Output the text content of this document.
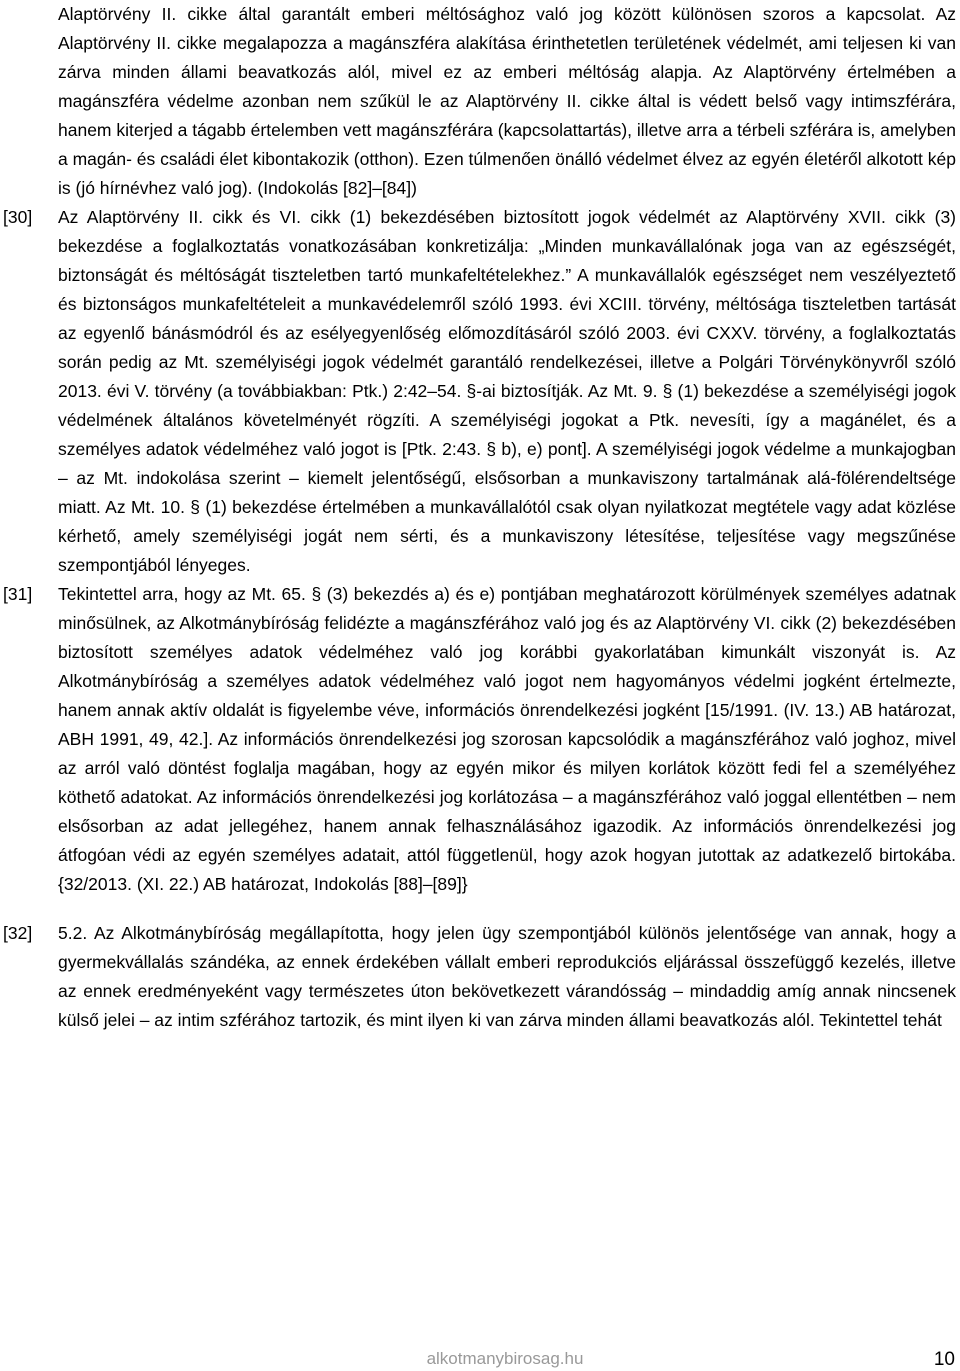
Alaptörvény II. cikke által garantált emberi méltósághoz való jog között különösen szoros a kapcsolat. Az Alaptörvény II. cikke megalapozza a magánszféra alakítása érinthetetlen területének védelmét, ami teljesen ki van zárva minden állami beavatkozás alól, mivel ez az emberi méltóság alapja. Az Alaptörvény értelmében a magánszféra védelme azonban nem szűkül le az Alaptörvény II. cikke által is védett belső vagy intimszférára, hanem kiterjed a tágabb értelemben vett magánszférára (kapcsolattartás), illetve arra a térbeli szférára is, amelyben a magán- és családi élet kibontakozik (otthon). Ezen túlmenően önálló védelmet élvez az egyén életéről alkotott kép is (jó hírnévhez való jog). (Indokolás [82]–[84])
[30] Az Alaptörvény II. cikk és VI. cikk (1) bekezdésében biztosított jogok védelmét az Alaptörvény XVII. cikk (3) bekezdése a foglalkoztatás vonatkozásában konkretizálja: „Minden munkavállalónak joga van az egészségét, biztonságát és méltóságát tiszteletben tartó munkafeltételekhez.” A munkavállalók egészséget nem veszélyeztető és biztonságos munkafeltételeit a munkavédelemről szóló 1993. évi XCIII. törvény, méltósága tiszteletben tartását az egyenlő bánásmódról és az esélyegyenlőség előmozdításáról szóló 2003. évi CXXV. törvény, a foglalkoztatás során pedig az Mt. személyiségi jogok védelmét garantáló rendelkezései, illetve a Polgári Törvénykönyvről szóló 2013. évi V. törvény (a továbbiakban: Ptk.) 2:42–54. §-ai biztosítják. Az Mt. 9. § (1) bekezdése a személyiségi jogok védelmének általános követelményét rögzíti. A személyiségi jogokat a Ptk. nevesíti, így a magánélet, és a személyes adatok védelméhez való jogot is [Ptk. 2:43. § b), e) pont]. A személyiségi jogok védelme a munkajogban – az Mt. indokolása szerint – kiemelt jelentőségű, elsősorban a munkaviszony tartalmának alá-fölérendeltsége miatt. Az Mt. 10. § (1) bekezdése értelmében a munkavállalótól csak olyan nyilatkozat megtétele vagy adat közlése kérhető, amely személyiségi jogát nem sérti, és a munkaviszony létesítése, teljesítése vagy megszűnése szempontjából lényeges.
[31] Tekintettel arra, hogy az Mt. 65. § (3) bekezdés a) és e) pontjában meghatározott körülmények személyes adatnak minősülnek, az Alkotmánybíróság felidézte a magánszférához való jog és az Alaptörvény VI. cikk (2) bekezdésében biztosított személyes adatok védelméhez való jog korábbi gyakorlatában kimunkált viszonyát is. Az Alkotmánybíróság a személyes adatok védelméhez való jogot nem hagyományos védelmi jogként értelmezte, hanem annak aktív oldalát is figyelembe véve, információs önrendelkezési jogként [15/1991. (IV. 13.) AB határozat, ABH 1991, 49, 42.]. Az információs önrendelkezési jog szorosan kapcsolódik a magánszférához való joghoz, mivel az arról való döntést foglalja magában, hogy az egyén mikor és milyen korlátok között fedi fel a személyéhez köthető adatokat. Az információs önrendelkezési jog korlátozása – a magánszférához való joggal ellentétben – nem elsősorban az adat jellegéhez, hanem annak felhasználásához igazodik. Az információs önrendelkezési jog átfogóan védi az egyén személyes adatait, attól függetlenül, hogy azok hogyan jutottak az adatkezelő birtokába. {32/2013. (XI. 22.) AB határozat, Indokolás [88]–[89]}
[32] 5.2. Az Alkotmánybíróság megállapította, hogy jelen ügy szempontjából különös jelentősége van annak, hogy a gyermekvállalás szándéka, az ennek érdekében vállalt emberi reprodukciós eljárással összefüggő kezelés, illetve az ennek eredményeként vagy természetes úton bekövetkezett várandósság – mindaddig amíg annak nincsenek külső jelei – az intim szférához tartozik, és mint ilyen ki van zárva minden állami beavatkozás alól. Tekintettel tehát
alkotmanybirosag.hu	10
